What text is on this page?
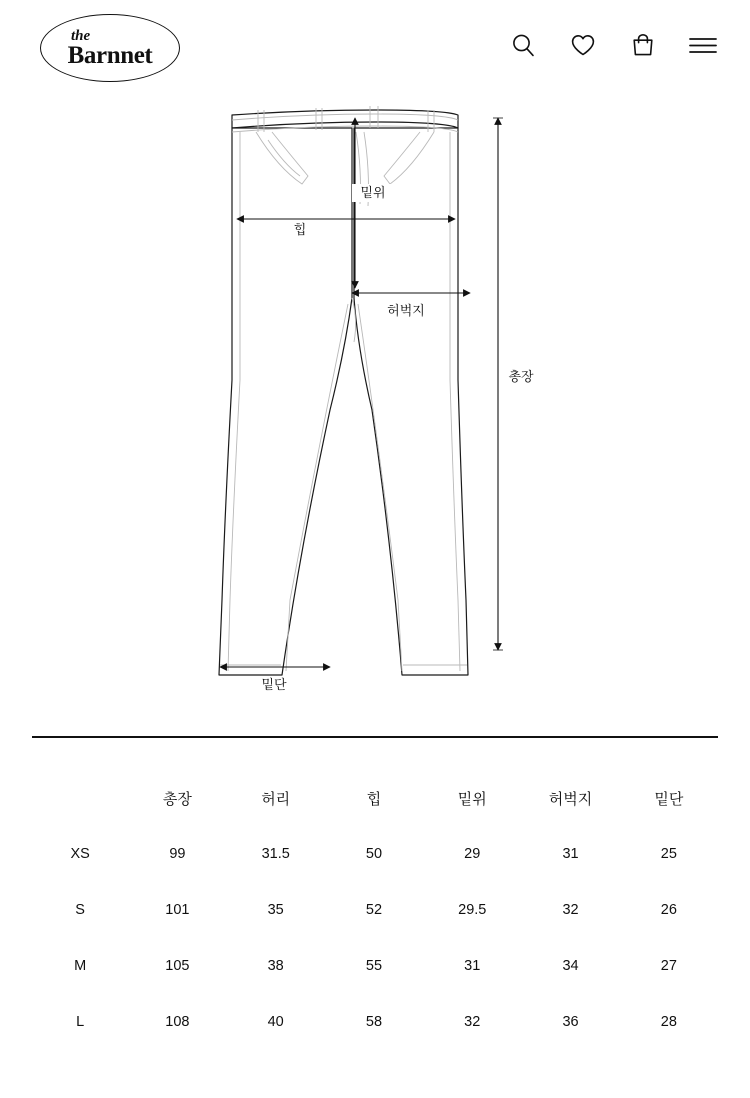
the
Barnnet
밑위
힙
허벅지
총장
밑단
	총장	허리	힙	밑위	허벅지	밑단
XS	99	31.5	50	29	31	25
S	101	35	52	29.5	32	26
M	105	38	55	31	34	27
L	108	40	58	32	36	28
